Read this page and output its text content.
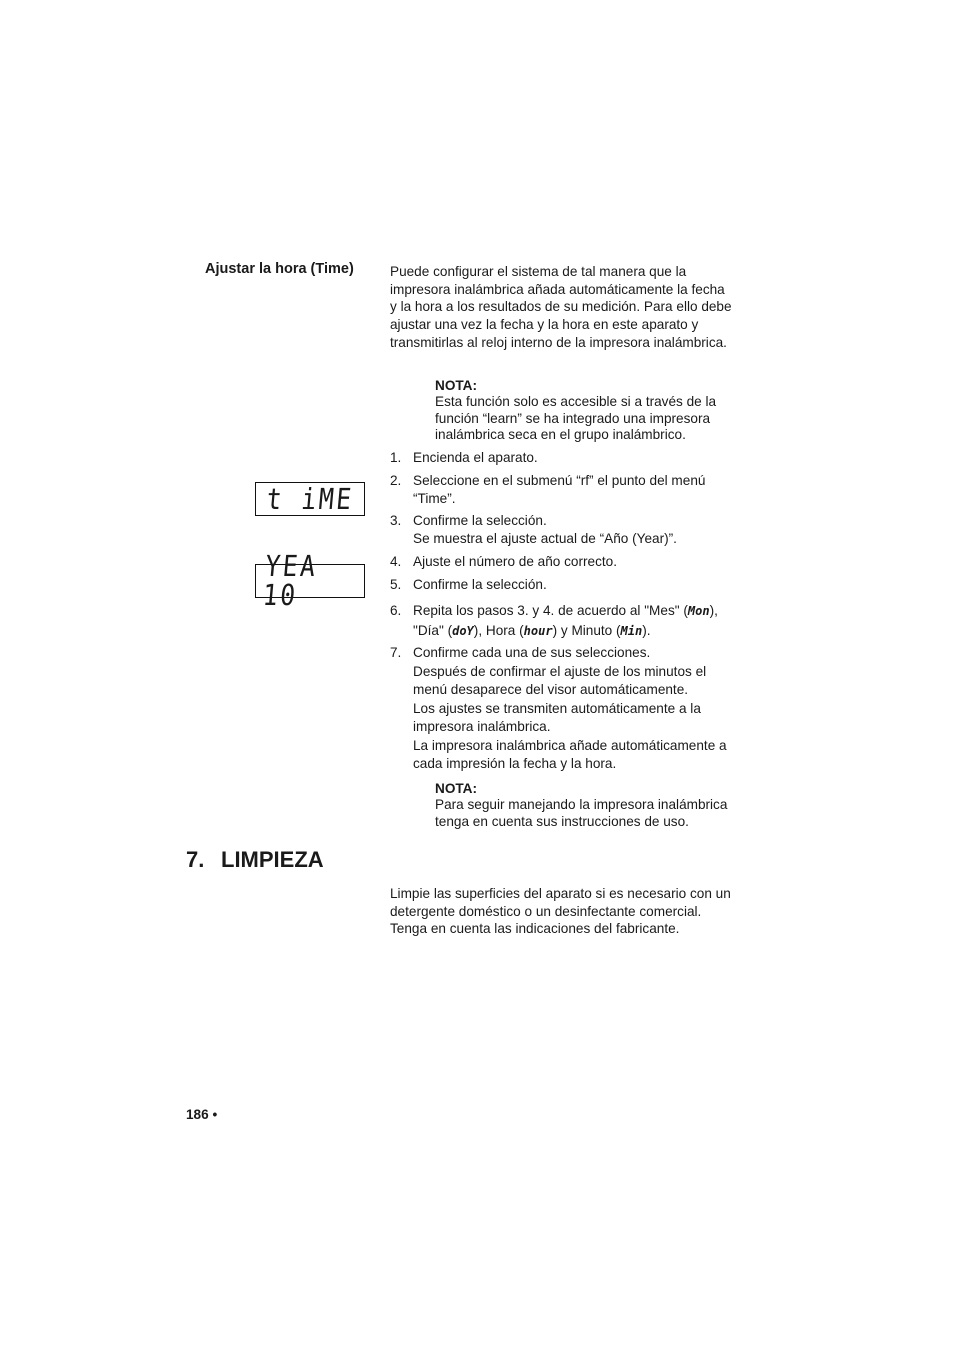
Ajustar la hora (Time)	Puede configurar el sistema de tal manera que la impresora inalámbrica añada automáticamente la fecha y la hora a los resultados de su medición. Para ello debe ajustar una vez la fecha y la hora en este aparato y transmitirlas al reloj interno de la impresora inalámbrica.
NOTA:
Esta función solo es accesible si a través de la función “learn” se ha integrado una impresora inalámbrica seca en el grupo inalámbrico.
t iME
YEA 10
1. Encienda el aparato.
2. Seleccione en el submenú “rf” el punto del menú “Time”.
3. Confirme la selección.
Se muestra el ajuste actual de “Año (Year)”.
4. Ajuste el número de año correcto.
5. Confirme la selección.
6. Repita los pasos 3. y 4. de acuerdo al "Mes" (Mon), "Día" (doY), Hora (hour) y Minuto (Min).
7. Confirme cada una de sus selecciones.
Después de confirmar el ajuste de los minutos el menú desaparece del visor automáticamente.
Los ajustes se transmiten automáticamente a la impresora inalámbrica.
La impresora inalámbrica añade automáticamente a cada impresión la fecha y la hora.
NOTA:
Para seguir manejando la impresora inalámbrica tenga en cuenta sus instrucciones de uso.
7. LIMPIEZA
Limpie las superficies del aparato si es necesario con un detergente doméstico o un desinfectante comercial. Tenga en cuenta las indicaciones del fabricante.
186 •
